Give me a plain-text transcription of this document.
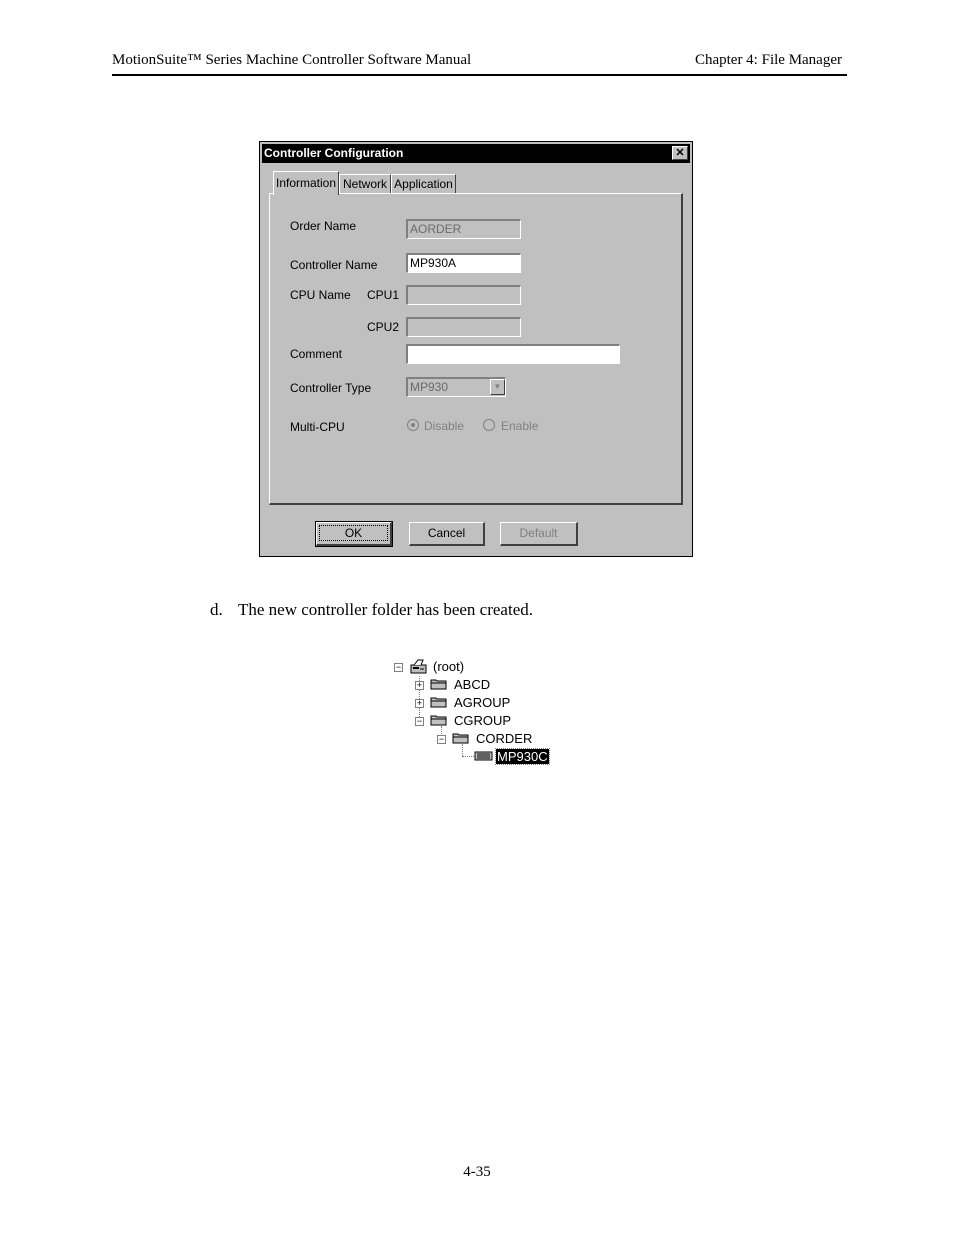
MotionSuite™ Series Machine Controller Software Manual	Chapter 4: File Manager
Controller Configuration	✕
Information Network Application
Order Name	AORDER
Controller Name	MP930A
CPU Name CPU1
CPU2
Comment
Controller Type	MP930	▼
Multi-CPU	Disable	Enable
OK	Cancel	Default
d. The new controller folder has been created.
− (root)
+ ABCD
+ AGROUP
− CGROUP
− CORDER
MP930C
4-35
